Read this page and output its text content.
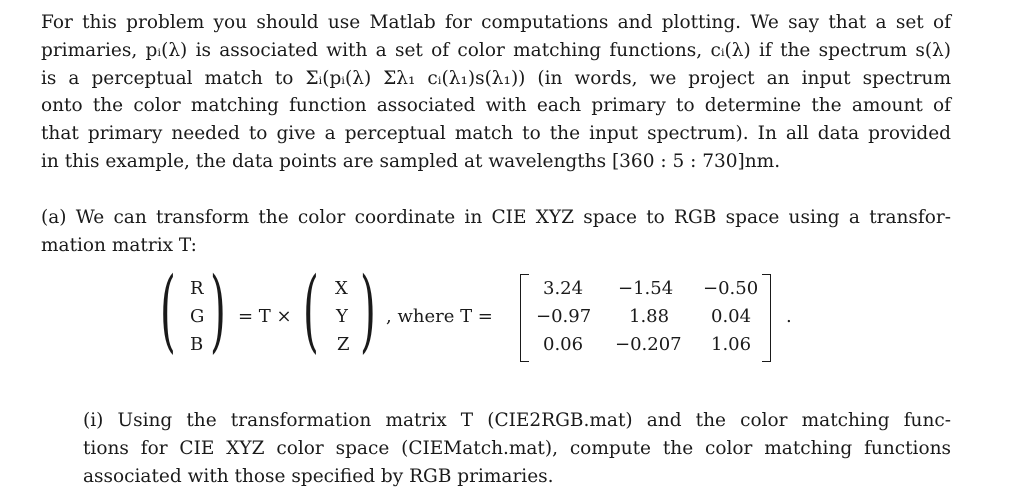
For this problem you should use Matlab for computations and plotting. We say that a set of
primaries, pᵢ(λ) is associated with a set of color matching functions, cᵢ(λ) if the spectrum s(λ)
is a perceptual match to Σᵢ(pᵢ(λ) Σλ₁ cᵢ(λ₁)s(λ₁)) (in words, we project an input spectrum
onto the color matching function associated with each primary to determine the amount of
that primary needed to give a perceptual match to the input spectrum). In all data provided
in this example, the data points are sampled at wavelengths [360 : 5 : 730]nm.
(a) We can transform the color coordinate in CIE XYZ space to RGB space using a transfor-
mation matrix T:
( R
G
B ) = T × ( X
Y
Z ) , where T =
3.24 −1.54 −0.50
−0.97 1.88 0.04
0.06 −0.207 1.06
.
(i) Using the transformation matrix T (CIE2RGB.mat) and the color matching func-
tions for CIE XYZ color space (CIEMatch.mat), compute the color matching functions
associated with those specified by RGB primaries.
